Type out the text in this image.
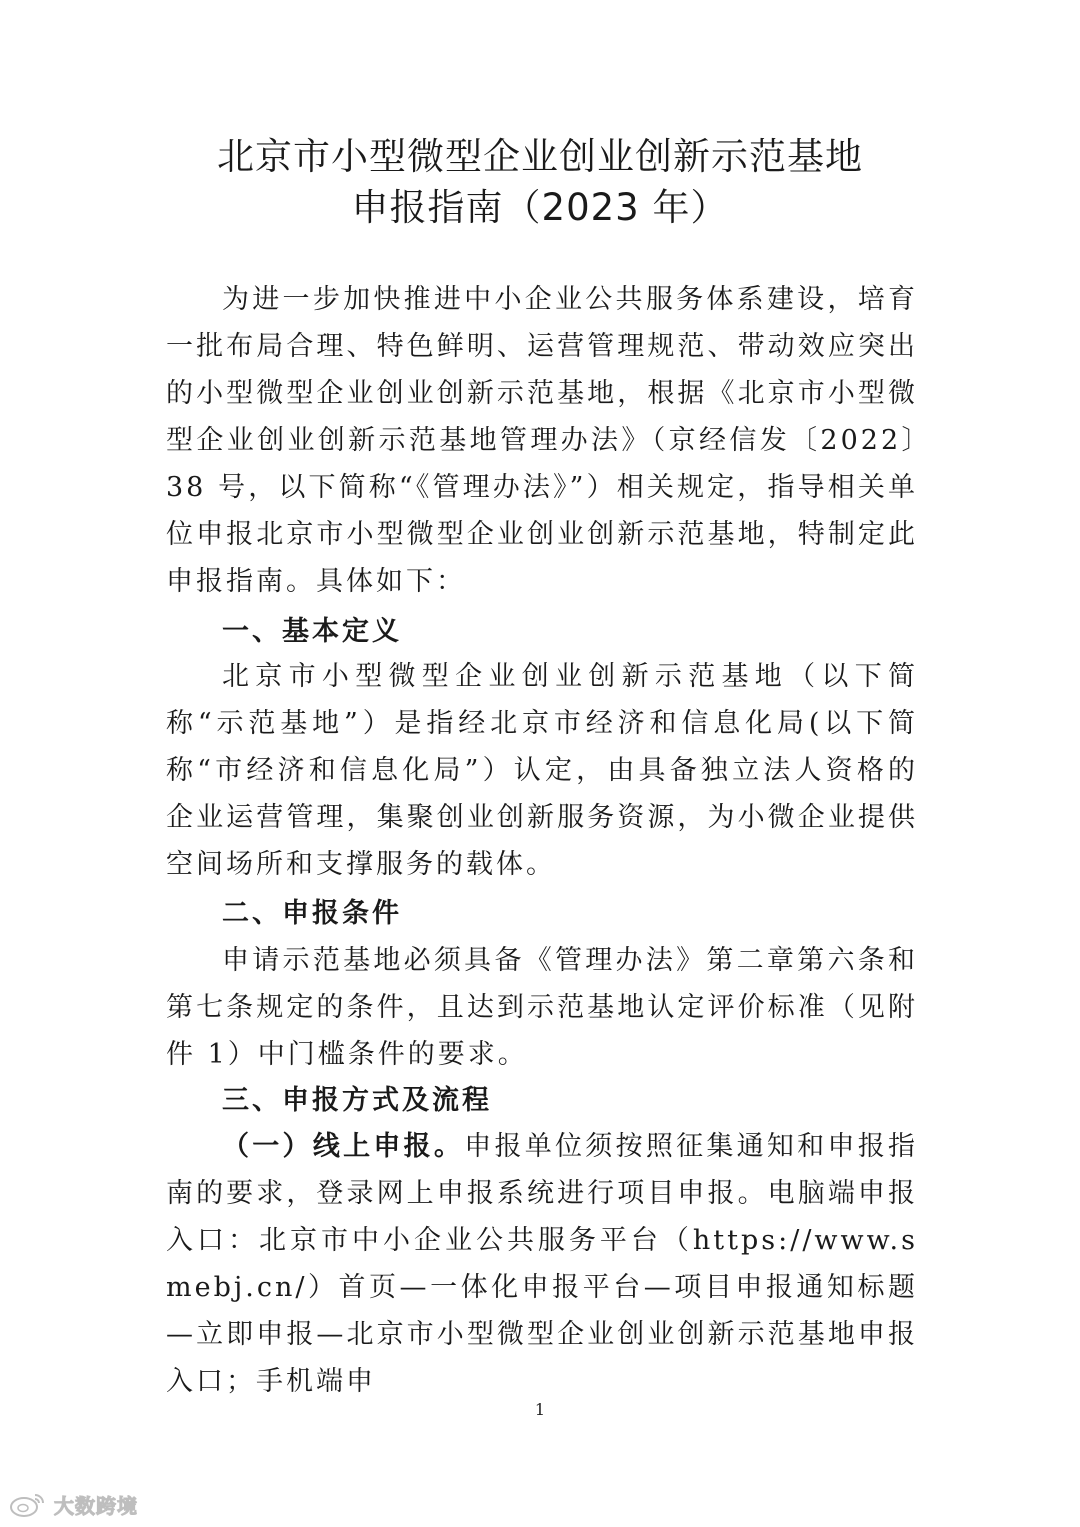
北京市小型微型企业创业创新示范基地
申报指南（2023 年）
为进一步加快推进中小企业公共服务体系建设，培育一批布局合理、特色鲜明、运营管理规范、带动效应突出的小型微型企业创业创新示范基地，根据《北京市小型微型企业创业创新示范基地管理办法》（京经信发〔2022〕38 号，以下简称“《管理办法》”）相关规定，指导相关单位申报北京市小型微型企业创业创新示范基地，特制定此申报指南。具体如下：
一、基本定义
北京市小型微型企业创业创新示范基地（以下简称“示范基地”）是指经北京市经济和信息化局(以下简称“市经济和信息化局”）认定，由具备独立法人资格的企业运营管理，集聚创业创新服务资源，为小微企业提供空间场所和支撑服务的载体。
二、申报条件
申请示范基地必须具备《管理办法》第二章第六条和第七条规定的条件，且达到示范基地认定评价标准（见附件 1）中门槛条件的要求。
三、申报方式及流程
（一）线上申报。申报单位须按照征集通知和申报指南的要求，登录网上申报系统进行项目申报。电脑端申报入口：北京市中小企业公共服务平台（https://www.smebj.cn/）首页—一体化申报平台—项目申报通知标题—立即申报—北京市小型微型企业创业创新示范基地申报入口；手机端申
1
大数跨境
